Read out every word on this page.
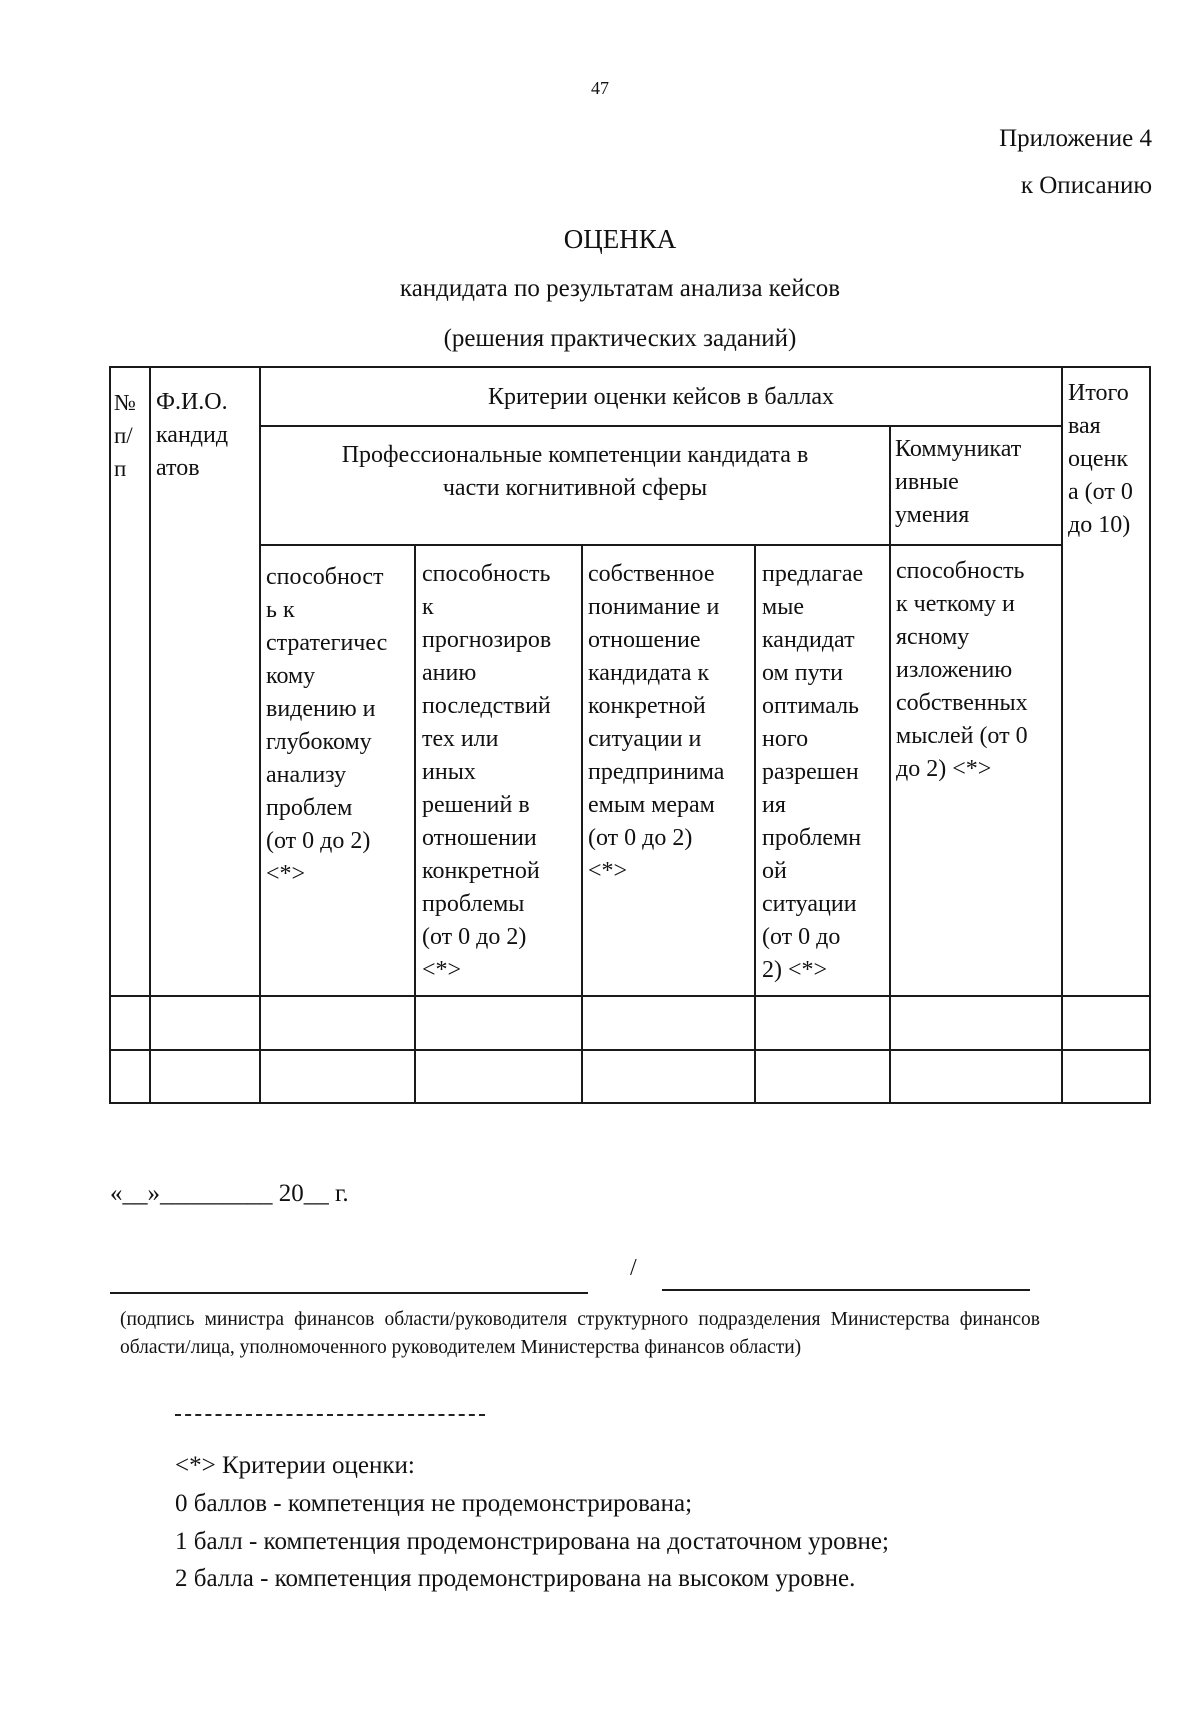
47
Приложение 4
к Описанию
ОЦЕНКА
кандидата по результатам анализа кейсов
(решения практических заданий)
№
п/
п
Ф.И.О.
кандид
атов
Критерии оценки кейсов в баллах
Профессиональные компетенции кандидата в
части когнитивной сферы
Коммуникат
ивные
умения
Итого
вая
оценк
а (от 0
до 10)
способност
ь к
стратегичес
кому
видению и
глубокому
анализу
проблем
(от 0 до 2)
<*>
способность
к
прогнозиров
анию
последствий
тех или
иных
решений в
отношении
конкретной
проблемы
(от 0 до 2)
<*>
собственное
понимание и
отношение
кандидата к
конкретной
ситуации и
предпринима
емым мерам
(от 0 до 2)
<*>
предлагае
мые
кандидат
ом пути
оптималь
ного
разрешен
ия
проблемн
ой
ситуации
(от 0 до
2) <*>
способность
к четкому и
ясному
изложению
собственных
мыслей (от 0
до 2) <*>
«__»_________ 20__ г.
/
(подпись министра финансов области/руководителя структурного подразделения Министерства финансов области/лица, уполномоченного руководителем Министерства финансов области)
<*> Критерии оценки:
0 баллов - компетенция не продемонстрирована;
1 балл - компетенция продемонстрирована на достаточном уровне;
2 балла - компетенция продемонстрирована на высоком уровне.
